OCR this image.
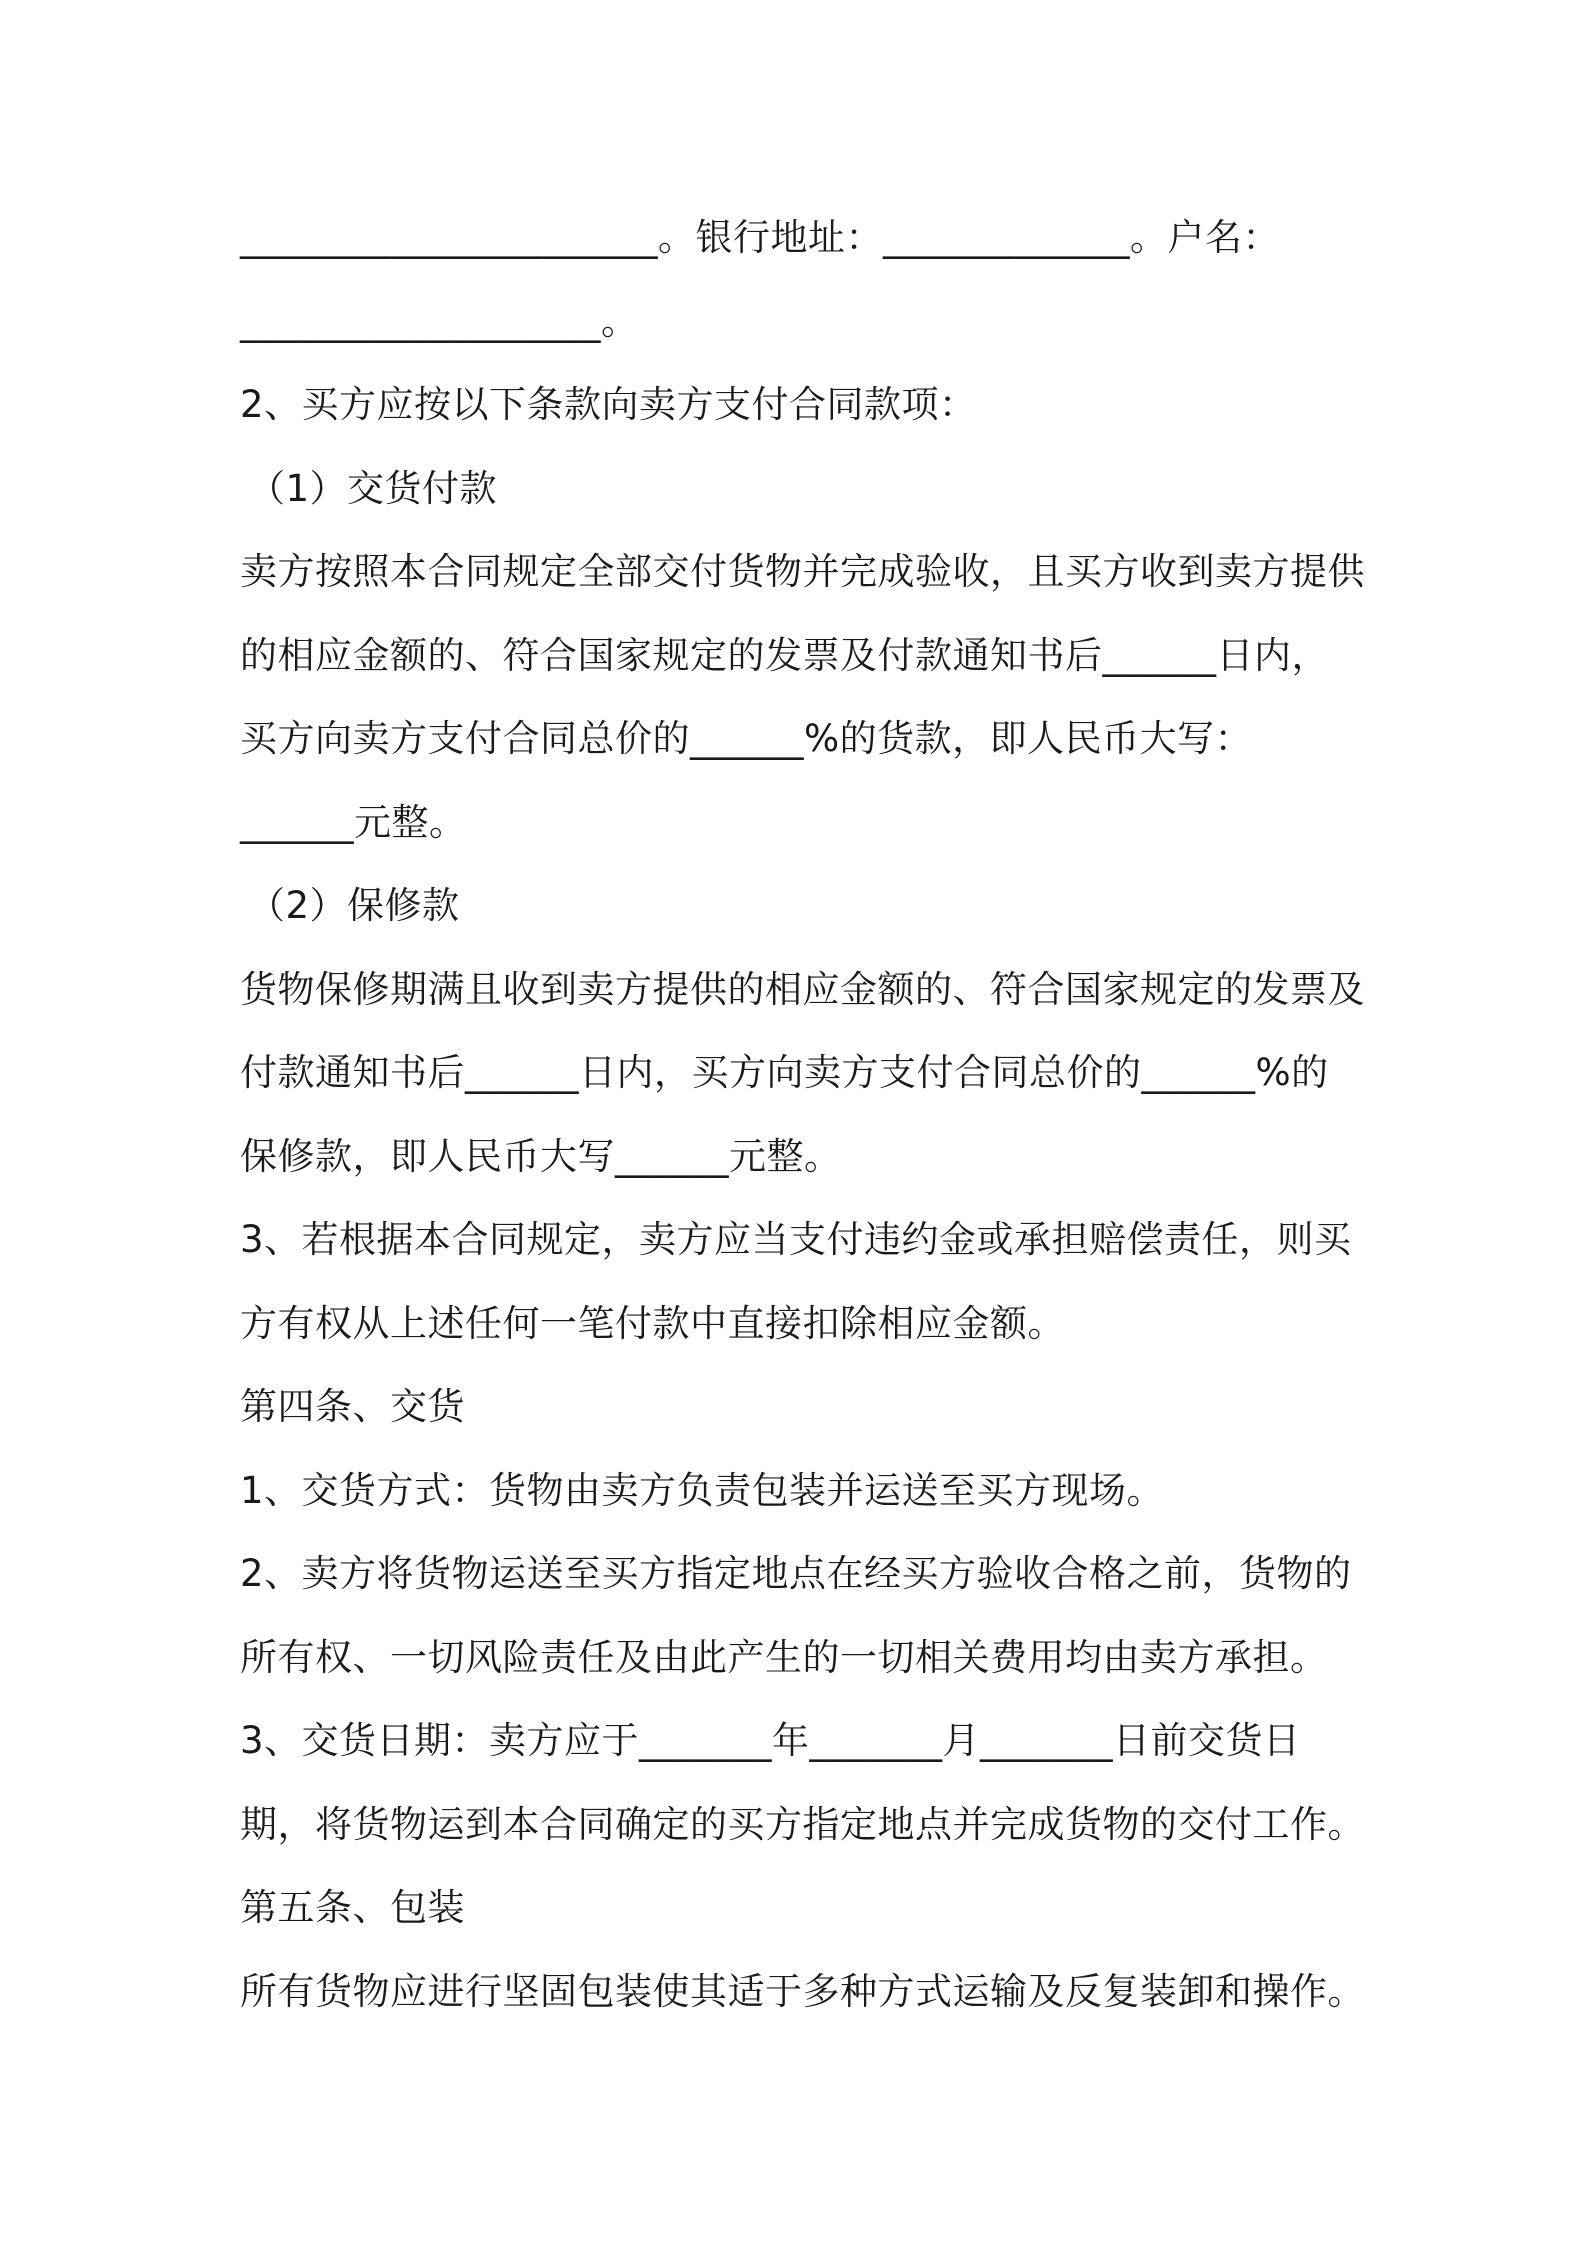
______________________。银行地址：_____________。户名：
___________________。
2、买方应按以下条款向卖方支付合同款项：
（1）交货付款
卖方按照本合同规定全部交付货物并完成验收，且买方收到卖方提供
的相应金额的、符合国家规定的发票及付款通知书后______日内，
买方向卖方支付合同总价的______%的货款，即人民币大写：
______元整。
（2）保修款
货物保修期满且收到卖方提供的相应金额的、符合国家规定的发票及
付款通知书后______日内，买方向卖方支付合同总价的______%的
保修款，即人民币大写______元整。
3、若根据本合同规定，卖方应当支付违约金或承担赔偿责任，则买
方有权从上述任何一笔付款中直接扣除相应金额。
第四条、交货
1、交货方式：货物由卖方负责包装并运送至买方现场。
2、卖方将货物运送至买方指定地点在经买方验收合格之前，货物的
所有权、一切风险责任及由此产生的一切相关费用均由卖方承担。
3、交货日期：卖方应于_______年_______月_______日前交货日
期，将货物运到本合同确定的买方指定地点并完成货物的交付工作。
第五条、包装
所有货物应进行坚固包装使其适于多种方式运输及反复装卸和操作。
